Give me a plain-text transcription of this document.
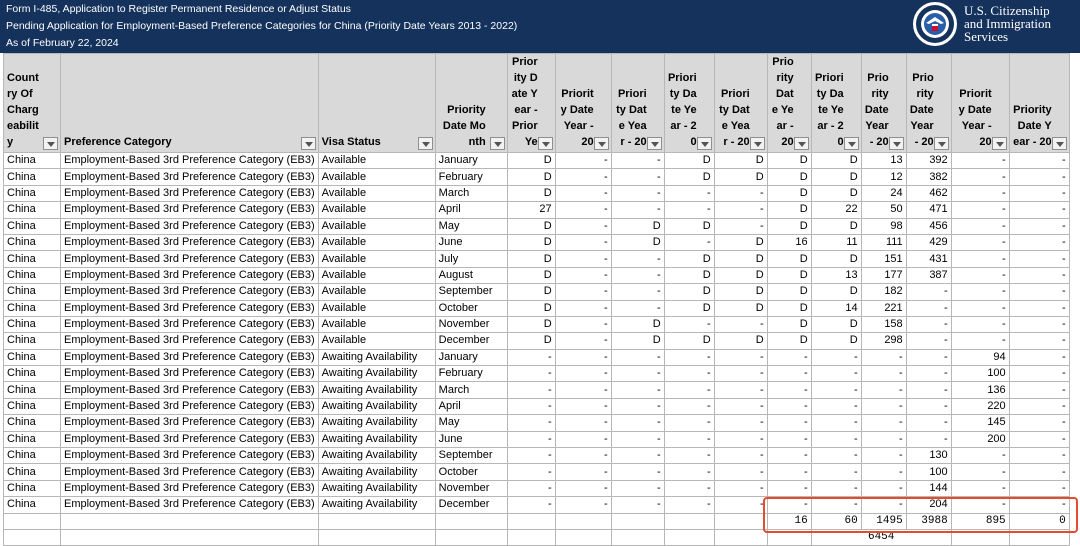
Form I-485, Application to Register Permanent Residence or Adjust Status
Pending Application for Employment-Based Preference Categories for China (Priority Date Years 2013 - 2022)
As of February 22, 2024
U.S. Citizenship
and Immigration
Services
Country Of Chargeability	Preference Category	Visa Status	Priority Date Month	Priority Date Year - Prior Ye	Priority Date Year - 20	Priority Date Year - 20	Priority Date Year - 20	Priority Date Year - 20	Priority Date Year - 20	Priority Date Year - 20	Priority Date Year - 20	Priority Date Year - 20	Priority Date Year - 20	Priority Date Year - 20

China	Employment-Based 3rd Preference Category (EB3)	Available	January	D	-	-	D	D	D	D	13	392	-	-
China	Employment-Based 3rd Preference Category (EB3)	Available	February	D	-	-	D	D	D	D	12	382	-	-
China	Employment-Based 3rd Preference Category (EB3)	Available	March	D	-	-	-	-	D	D	24	462	-	-
China	Employment-Based 3rd Preference Category (EB3)	Available	April	27	-	-	-	-	D	22	50	471	-	-
China	Employment-Based 3rd Preference Category (EB3)	Available	May	D	-	D	D	-	D	D	98	456	-	-
China	Employment-Based 3rd Preference Category (EB3)	Available	June	D	-	D	-	D	16	11	111	429	-	-
China	Employment-Based 3rd Preference Category (EB3)	Available	July	D	-	-	D	D	D	D	151	431	-	-
China	Employment-Based 3rd Preference Category (EB3)	Available	August	D	-	-	D	D	D	13	177	387	-	-
China	Employment-Based 3rd Preference Category (EB3)	Available	September	D	-	-	D	D	D	D	182	-	-	-
China	Employment-Based 3rd Preference Category (EB3)	Available	October	D	-	-	D	D	D	14	221	-	-	-
China	Employment-Based 3rd Preference Category (EB3)	Available	November	D	-	D	-	-	D	D	158	-	-	-
China	Employment-Based 3rd Preference Category (EB3)	Available	December	D	-	D	D	D	D	D	298	-	-	-
China	Employment-Based 3rd Preference Category (EB3)	Awaiting Availability	January	-	-	-	-	-	-	-	-	-	94	-
China	Employment-Based 3rd Preference Category (EB3)	Awaiting Availability	February	-	-	-	-	-	-	-	-	-	100	-
China	Employment-Based 3rd Preference Category (EB3)	Awaiting Availability	March	-	-	-	-	-	-	-	-	-	136	-
China	Employment-Based 3rd Preference Category (EB3)	Awaiting Availability	April	-	-	-	-	-	-	-	-	-	220	-
China	Employment-Based 3rd Preference Category (EB3)	Awaiting Availability	May	-	-	-	-	-	-	-	-	-	145	-
China	Employment-Based 3rd Preference Category (EB3)	Awaiting Availability	June	-	-	-	-	-	-	-	-	-	200	-
China	Employment-Based 3rd Preference Category (EB3)	Awaiting Availability	September	-	-	-	-	-	-	-	-	130	-	-
China	Employment-Based 3rd Preference Category (EB3)	Awaiting Availability	October	-	-	-	-	-	-	-	-	100	-	-
China	Employment-Based 3rd Preference Category (EB3)	Awaiting Availability	November	-	-	-	-	-	-	-	-	144	-	-
China	Employment-Based 3rd Preference Category (EB3)	Awaiting Availability	December	-	-	-	-	-	-	-	-	204	-	-
									16	60	1495	3988	895	0
										6454				
